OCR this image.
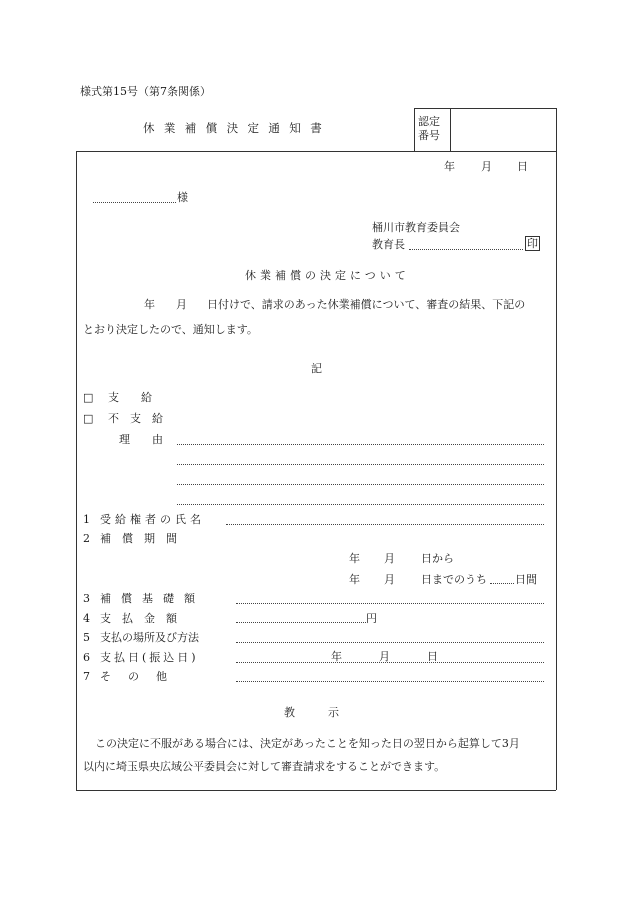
様式第15号（第7条関係）
休業補償決定通知書	認定
番号
年 月 日
様
桶川市教育委員会
教育長	印
休業補償の決定について
年 月 日付けで、請求のあった休業補償について、審査の結果、下記の
とおり決定したので、通知します。
記
□ 支　　給
□ 不　支　給
理　　由
1 受給権者の氏名
2 補　償　期　間
年 月 日から
年 月 日までのうち	日間
3 補償基礎額
4 支　払　金　額	円
5 支払の場所及び方法
6 支払日(振込日)	年	月	日
7 そ　の　他
教　　　示
この決定に不服がある場合には、決定があったことを知った日の翌日から起算して3月
以内に埼玉県央広域公平委員会に対して審査請求をすることができます。
